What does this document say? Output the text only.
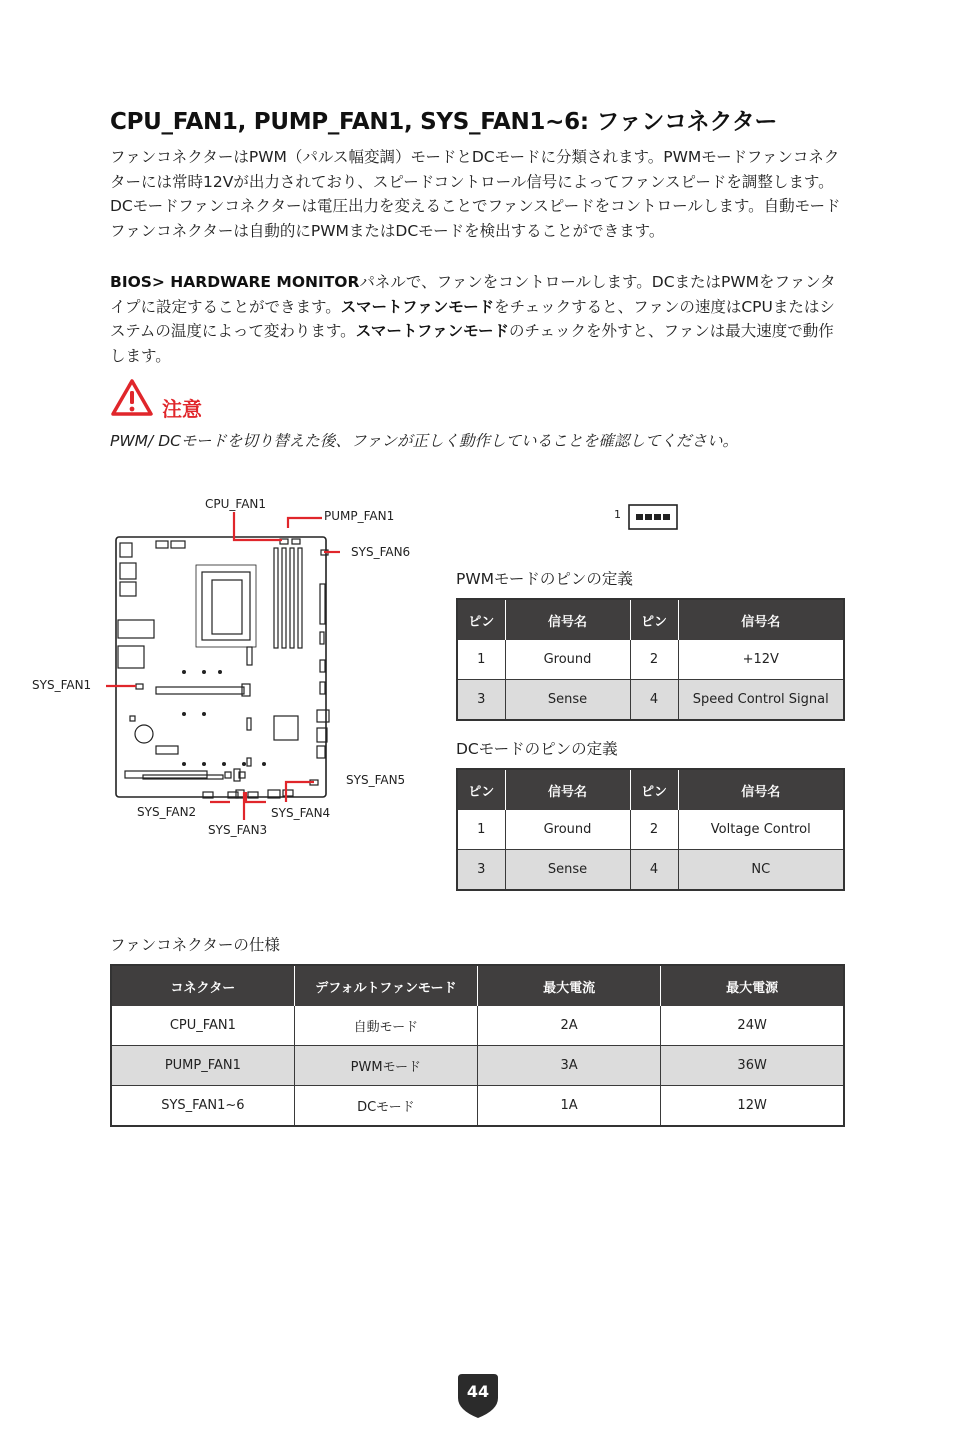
CPU_FAN1, PUMP_FAN1, SYS_FAN1~6: ファンコネクター
ファンコネクターはPWM（パルス幅変調）モードとDCモードに分類されます。PWMモードファンコネクターには常時12Vが出力されており、スピードコントロール信号によってファンスピードを調整します。DCモードファンコネクターは電圧出力を変えることでファンスピードをコントロールします。自動モードファンコネクターは自動的にPWMまたはDCモードを検出することができます。
BIOS> HARDWARE MONITORパネルで、ファンをコントロールします。DCまたはPWMをファンタイプに設定することができます。スマートファンモードをチェックすると、ファンの速度はCPUまたはシステムの温度によって変わります。スマートファンモードのチェックを外すと、ファンは最大速度で動作します。
注意
PWM/ DCモードを切り替えた後、ファンが正しく動作していることを確認してください。
CPU_FAN1
PUMP_FAN1
SYS_FAN6
SYS_FAN1
SYS_FAN5
SYS_FAN2	SYS_FAN4
SYS_FAN3
1
PWMモードのピンの定義
ピン	信号名	ピン	信号名
1	Ground	2	+12V
3	Sense	4	Speed Control Signal
DCモードのピンの定義
ピン	信号名	ピン	信号名
1	Ground	2	Voltage Control
3	Sense	4	NC
ファンコネクターの仕様
コネクター	デフォルトファンモード	最大電流	最大電源
CPU_FAN1	自動モード	2A	24W
PUMP_FAN1	PWMモード	3A	36W
SYS_FAN1~6	DCモード	1A	12W
44
